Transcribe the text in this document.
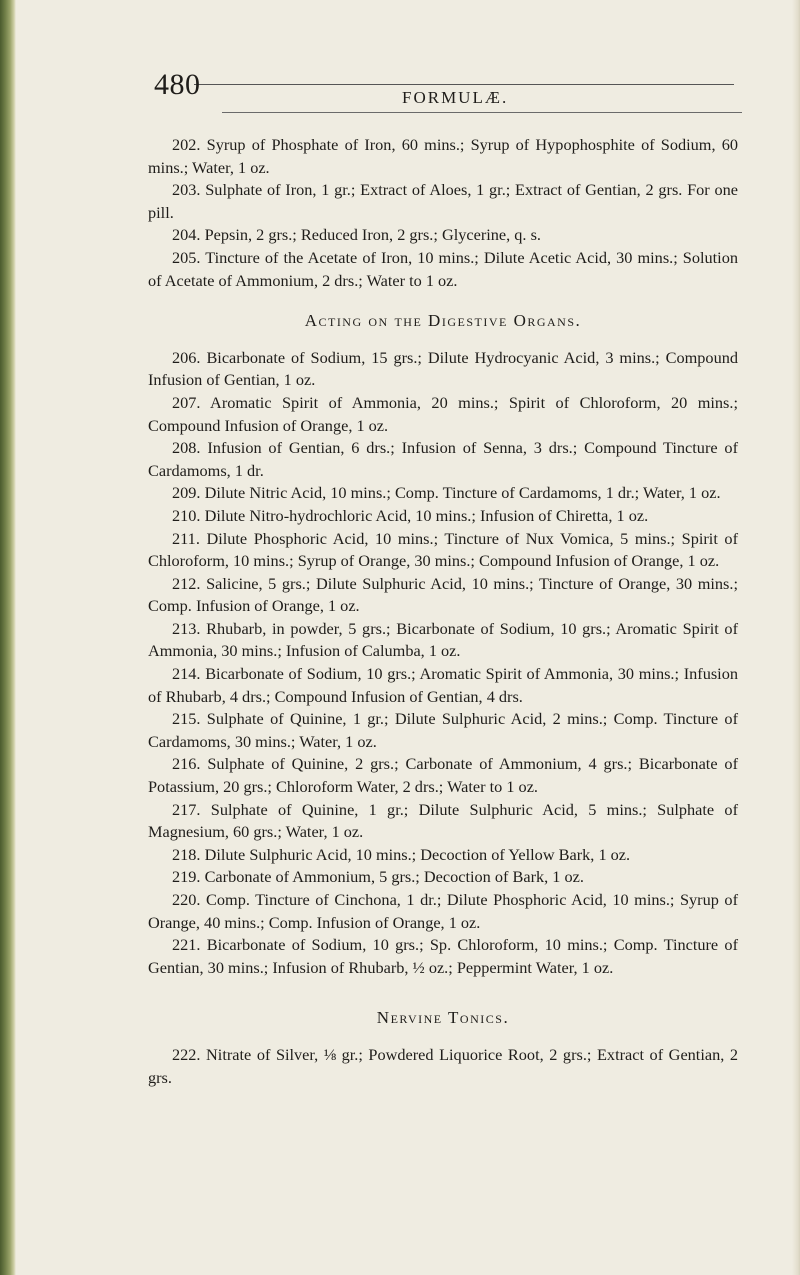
480	FORMULÆ.

202. Syrup of Phosphate of Iron, 60 mins.; Syrup of Hypophosphite of Sodium, 60 mins.; Water, 1 oz.

203. Sulphate of Iron, 1 gr.; Extract of Aloes, 1 gr.; Extract of Gentian, 2 grs. For one pill.

204. Pepsin, 2 grs.; Reduced Iron, 2 grs.; Glycerine, q. s.

205. Tincture of the Acetate of Iron, 10 mins.; Dilute Acetic Acid, 30 mins.; Solution of Acetate of Ammonium, 2 drs.; Water to 1 oz.

Acting on the Digestive Organs.

206. Bicarbonate of Sodium, 15 grs.; Dilute Hydrocyanic Acid, 3 mins.; Compound Infusion of Gentian, 1 oz.

207. Aromatic Spirit of Ammonia, 20 mins.; Spirit of Chloroform, 20 mins.; Compound Infusion of Orange, 1 oz.

208. Infusion of Gentian, 6 drs.; Infusion of Senna, 3 drs.; Compound Tincture of Cardamoms, 1 dr.

209. Dilute Nitric Acid, 10 mins.; Comp. Tincture of Cardamoms, 1 dr.; Water, 1 oz.

210. Dilute Nitro-hydrochloric Acid, 10 mins.; Infusion of Chiretta, 1 oz.

211. Dilute Phosphoric Acid, 10 mins.; Tincture of Nux Vomica, 5 mins.; Spirit of Chloroform, 10 mins.; Syrup of Orange, 30 mins.; Compound Infusion of Orange, 1 oz.

212. Salicine, 5 grs.; Dilute Sulphuric Acid, 10 mins.; Tincture of Orange, 30 mins.; Comp. Infusion of Orange, 1 oz.

213. Rhubarb, in powder, 5 grs.; Bicarbonate of Sodium, 10 grs.; Aromatic Spirit of Ammonia, 30 mins.; Infusion of Calumba, 1 oz.

214. Bicarbonate of Sodium, 10 grs.; Aromatic Spirit of Ammonia, 30 mins.; Infusion of Rhubarb, 4 drs.; Compound Infusion of Gentian, 4 drs.

215. Sulphate of Quinine, 1 gr.; Dilute Sulphuric Acid, 2 mins.; Comp. Tincture of Cardamoms, 30 mins.; Water, 1 oz.

216. Sulphate of Quinine, 2 grs.; Carbonate of Ammonium, 4 grs.; Bicarbonate of Potassium, 20 grs.; Chloroform Water, 2 drs.; Water to 1 oz.

217. Sulphate of Quinine, 1 gr.; Dilute Sulphuric Acid, 5 mins.; Sulphate of Magnesium, 60 grs.; Water, 1 oz.

218. Dilute Sulphuric Acid, 10 mins.; Decoction of Yellow Bark, 1 oz.

219. Carbonate of Ammonium, 5 grs.; Decoction of Bark, 1 oz.

220. Comp. Tincture of Cinchona, 1 dr.; Dilute Phosphoric Acid, 10 mins.; Syrup of Orange, 40 mins.; Comp. Infusion of Orange, 1 oz.

221. Bicarbonate of Sodium, 10 grs.; Sp. Chloroform, 10 mins.; Comp. Tincture of Gentian, 30 mins.; Infusion of Rhubarb, ½ oz.; Peppermint Water, 1 oz.

Nervine Tonics.

222. Nitrate of Silver, ⅛ gr.; Powdered Liquorice Root, 2 grs.; Extract of Gentian, 2 grs.
